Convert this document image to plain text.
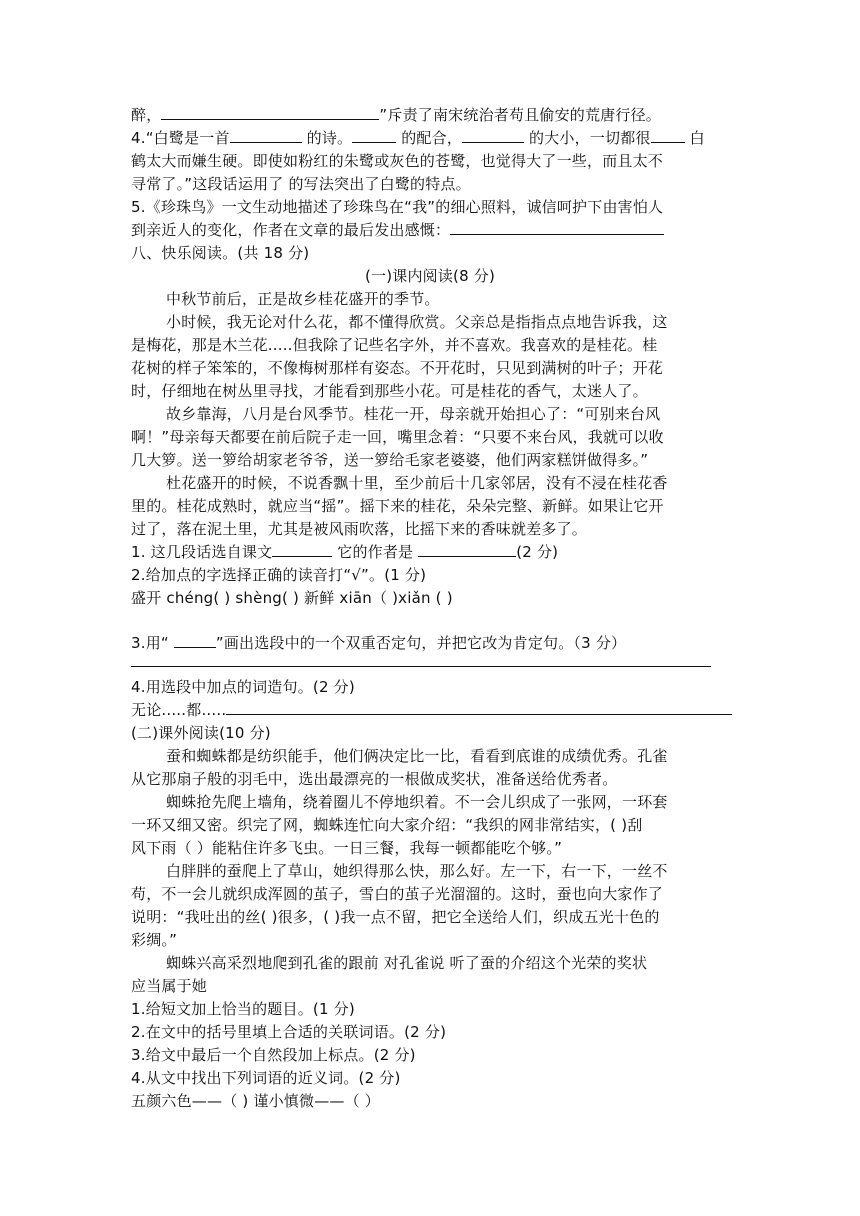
醉，	”斥责了南宋统治者苟且偷安的荒唐行径。
4.“白鹭是一首	的诗。	的配合，	的大小，一切都很 白
鹤太大而嫌生硬。即使如粉红的朱鹭或灰色的苍鹭，也觉得大了一些，而且太不
寻常了。”这段话运用了 的写法突出了白鹭的特点。
5.《珍珠鸟》一文生动地描述了珍珠鸟在“我”的细心照料，诚信呵护下由害怕人
到亲近人的变化，作者在文章的最后发出感慨：
八、快乐阅读。(共 18 分)
(一)课内阅读(8 分)
中秋节前后，正是故乡桂花盛开的季节。
小时候，我无论对什么花，都不懂得欣赏。父亲总是指指点点地告诉我，这
是梅花，那是木兰花.....但我除了记些名字外，并不喜欢。我喜欢的是桂花。桂
花树的样子笨笨的，不像梅树那样有姿态。不开花时，只见到满树的叶子；开花
时，仔细地在树丛里寻找，才能看到那些小花。可是桂花的香气，太迷人了。
故乡靠海，八月是台风季节。桂花一开，母亲就开始担心了：“可别来台风
啊！”母亲每天都要在前后院子走一回，嘴里念着：“只要不来台风，我就可以收
几大箩。送一箩给胡家老爷爷，送一箩给毛家老婆婆，他们两家糕饼做得多。”
杜花盛开的时候，不说香飘十里，至少前后十几家邻居，没有不浸在桂花香
里的。桂花成熟时，就应当“摇”。摇下来的桂花，朵朵完整、新鲜。如果让它开
过了，落在泥土里，尤其是被风雨吹落，比摇下来的香味就差多了。
1. 这几段话选自课文	它的作者是	(2 分)
2.给加点的字选择正确的读音打“√”。(1 分)
盛开 chéng( ) shèng( ) 新鲜 xiān（ )xiǎn ( )
3.用“	”画出选段中的一个双重否定句，并把它改为肯定句。（3 分）
4.用选段中加点的词造句。(2 分)
无论.....都.....
(二)课外阅读(10 分)
蚕和蜘蛛都是纺织能手，他们俩决定比一比，看看到底谁的成绩优秀。孔雀
从它那扇子般的羽毛中，选出最漂亮的一根做成奖状，准备送给优秀者。
蜘蛛抢先爬上墙角，绕着圈儿不停地织着。不一会儿织成了一张网，一环套
一环又细又密。织完了网，蜘蛛连忙向大家介绍：“我织的网非常结实，( )刮
风下雨（ ）能粘住许多飞虫。一日三餐，我每一顿都能吃个够。”
白胖胖的蚕爬上了草山，她织得那么快，那么好。左一下，右一下，一丝不
苟，不一会儿就织成浑圆的茧子，雪白的茧子光溜溜的。这时，蚕也向大家作了
说明：“我吐出的丝( )很多，( )我一点不留，把它全送给人们，织成五光十色的
彩绸。”
蜘蛛兴高采烈地爬到孔雀的跟前 对孔雀说 听了蚕的介绍这个光荣的奖状
应当属于她
1.给短文加上恰当的题目。(1 分)
2.在文中的括号里填上合适的关联词语。(2 分)
3.给文中最后一个自然段加上标点。(2 分)
4.从文中找出下列词语的近义词。(2 分)
五颜六色——（ ) 谨小慎微——（ ）
